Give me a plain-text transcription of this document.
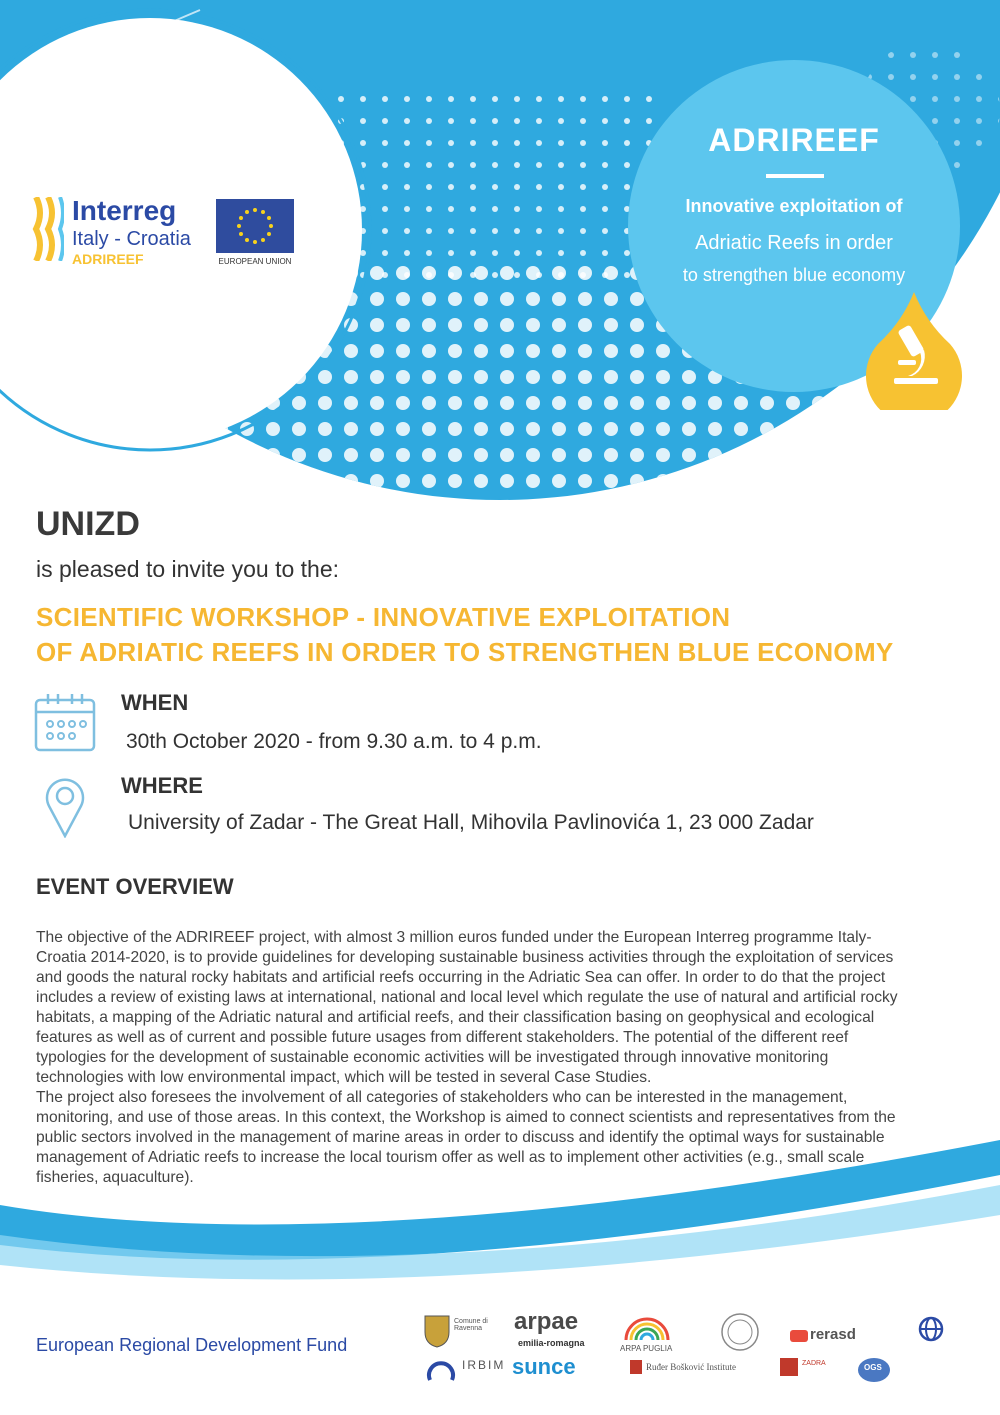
Interreg
Italy - Croatia
ADRIREEF	EUROPEAN UNION
ADRIREEF
Innovative exploitation of
Adriatic Reefs in order
to strengthen blue economy
UNIZD
is pleased to invite you to the:
SCIENTIFIC WORKSHOP - INNOVATIVE EXPLOITATION
OF ADRIATIC REEFS IN ORDER TO STRENGTHEN BLUE ECONOMY
WHEN
30th October 2020 - from 9.30 a.m. to 4 p.m.
WHERE
University of Zadar - The Great Hall, Mihovila Pavlinovića 1, 23 000 Zadar
EVENT OVERVIEW
The objective of the ADRIREEF project, with almost 3 million euros funded under the European Interreg programme Italy-Croatia 2014-2020, is to provide guidelines for developing sustainable business activities through the exploitation of services and goods the natural rocky habitats and artificial reefs occurring in the Adriatic Sea can offer. In order to do that the project includes a review of existing laws at international, national and local level which regulate the use of natural and artificial rocky habitats, a mapping of the Adriatic natural and artificial reefs, and their classification basing on geophysical and ecological features as well as of current and possible future usages from different stakeholders. The potential of the different reef typologies for the development of sustainable economic activities will be investigated through innovative monitoring technologies with low environmental impact, which will be tested in several Case Studies.
The project also foresees the involvement of all categories of stakeholders who can be interested in the management, monitoring, and use of those areas. In this context, the Workshop is aimed to connect scientists and representatives from the public sectors involved in the management of marine areas in order to discuss and identify the optimal ways for sustainable management of Adriatic reefs to increase the local tourism offer as well as to implement other activities (e.g., small scale fisheries, aquaculture).
European Regional Development Fund
Comune di Ravenna	arpae
emilia-romagna
sunce
IRBIM
ARPA PUGLIA
Ruđer Bošković Institute
rerasd
ZADRA	OGS
